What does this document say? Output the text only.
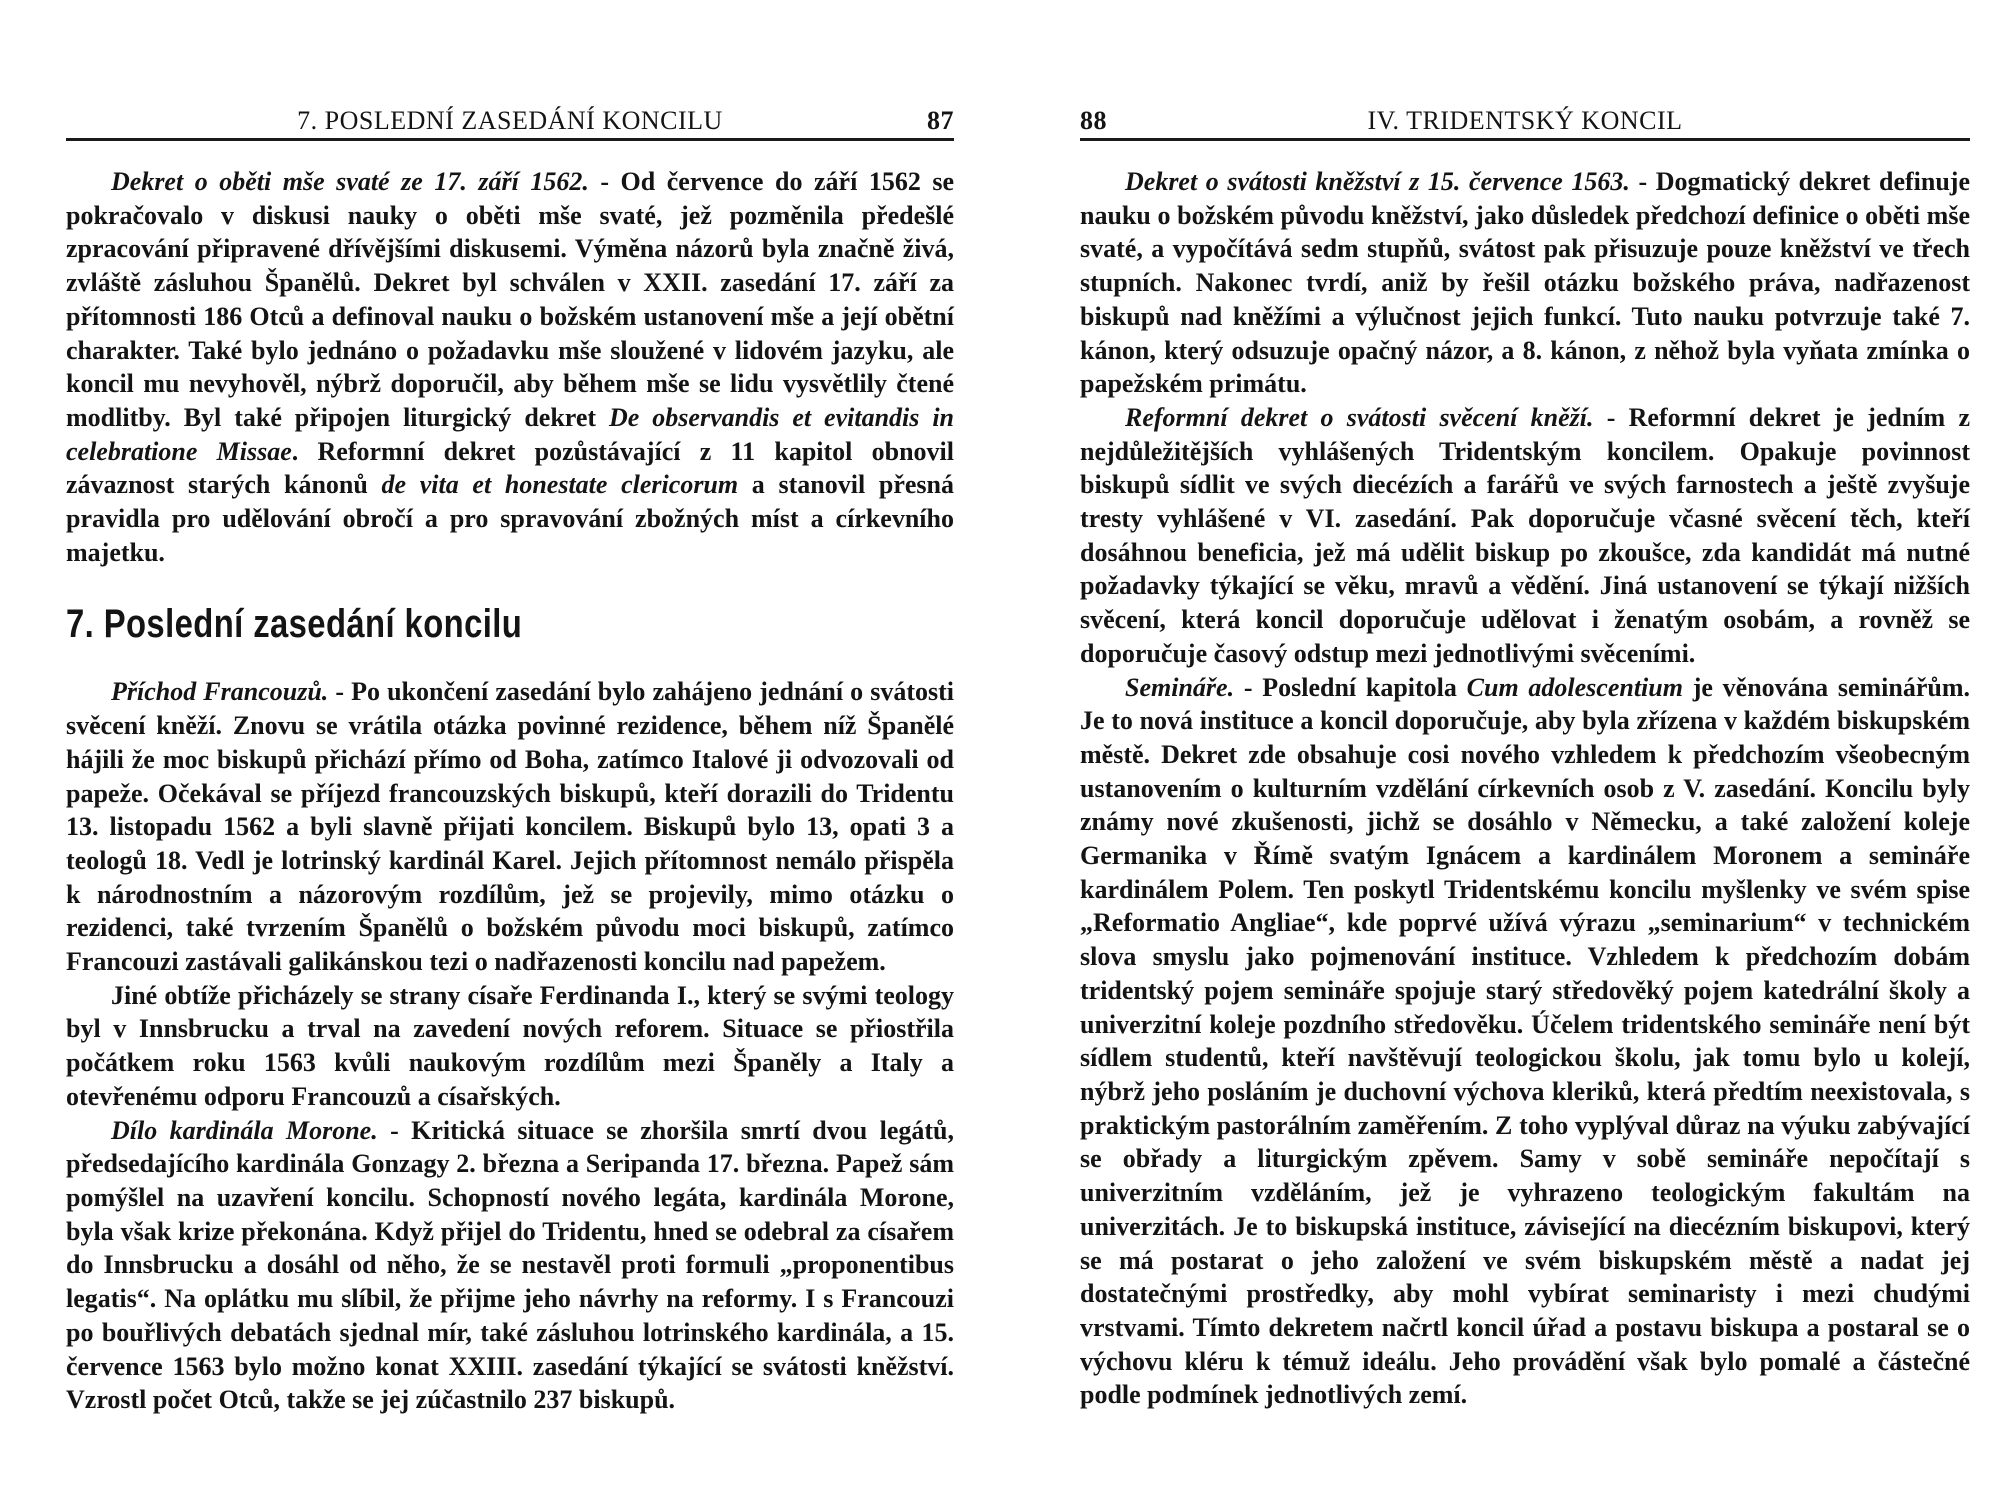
7. POSLEDNÍ ZASEDÁNÍ KONCILU	87

Dekret o oběti mše svaté ze 17. září 1562. - Od července do září 1562 se pokračovalo v diskusi nauky o oběti mše svaté, jež pozměnila předešlé zpracování připravené dřívějšími diskusemi. Výměna názorů byla značně živá, zvláště zásluhou Španělů. Dekret byl schválen v XXII. zasedání 17. září za přítomnosti 186 Otců a definoval nauku o božském ustanovení mše a její obětní charakter. Také bylo jednáno o požadavku mše sloužené v lidovém jazyku, ale koncil mu nevyhověl, nýbrž doporučil, aby během mše se lidu vysvětlily čtené modlitby. Byl také připojen liturgický dekret De observandis et evitandis in celebratione Missae. Reformní dekret pozůstávající z 11 kapitol obnovil závaznost starých kánonů de vita et honestate clericorum a stanovil přesná pravidla pro udělování obročí a pro spravování zbožných míst a církevního majetku.

7. Poslední zasedání koncilu

Příchod Francouzů. - Po ukončení zasedání bylo zahájeno jednání o svátosti svěcení kněží. Znovu se vrátila otázka povinné rezidence, během níž Španělé hájili že moc biskupů přichází přímo od Boha, zatímco Italové ji odvozovali od papeže. Očekával se příjezd francouzských biskupů, kteří dorazili do Tridentu 13. listopadu 1562 a byli slavně přijati koncilem. Biskupů bylo 13, opati 3 a teologů 18. Vedl je lotrinský kardinál Karel. Jejich přítomnost nemálo přispěla k národnostním a názorovým rozdílům, jež se projevily, mimo otázku o rezidenci, také tvrzením Španělů o božském původu moci biskupů, zatímco Francouzi zastávali galikánskou tezi o nadřazenosti koncilu nad papežem.

Jiné obtíže přicházely se strany císaře Ferdinanda I., který se svými teology byl v Innsbrucku a trval na zavedení nových reforem. Situace se přiostřila počátkem roku 1563 kvůli naukovým rozdílům mezi Španěly a Italy a otevřenému odporu Francouzů a císařských.

Dílo kardinála Morone. - Kritická situace se zhoršila smrtí dvou legátů, předsedajícího kardinála Gonzagy 2. března a Seripanda 17. března. Papež sám pomýšlel na uzavření koncilu. Schopností nového legáta, kardinála Morone, byla však krize překonána. Když přijel do Tridentu, hned se odebral za císařem do Innsbrucku a dosáhl od něho, že se nestavěl proti formuli „proponentibus legatis“. Na oplátku mu slíbil, že přijme jeho návrhy na reformy. I s Francouzi po bouřlivých debatách sjednal mír, také zásluhou lotrinského kardinála, a 15. července 1563 bylo možno konat XXIII. zasedání týkající se svátosti kněžství. Vzrostl počet Otců, takže se jej zúčastnilo 237 biskupů.

88	IV. TRIDENTSKÝ KONCIL

Dekret o svátosti kněžství z 15. července 1563. - Dogmatický dekret definuje nauku o božském původu kněžství, jako důsledek předchozí definice o oběti mše svaté, a vypočítává sedm stupňů, svátost pak přisuzuje pouze kněžství ve třech stupních. Nakonec tvrdí, aniž by řešil otázku božského práva, nadřazenost biskupů nad kněžími a výlučnost jejich funkcí. Tuto nauku potvrzuje také 7. kánon, který odsuzuje opačný názor, a 8. kánon, z něhož byla vyňata zmínka o papežském primátu.

Reformní dekret o svátosti svěcení kněží. - Reformní dekret je jedním z nejdůležitějších vyhlášených Tridentským koncilem. Opakuje povinnost biskupů sídlit ve svých diecézích a farářů ve svých farnostech a ještě zvyšuje tresty vyhlášené v VI. zasedání. Pak doporučuje včasné svěcení těch, kteří dosáhnou beneficia, jež má udělit biskup po zkoušce, zda kandidát má nutné požadavky týkající se věku, mravů a vědění. Jiná ustanovení se týkají nižších svěcení, která koncil doporučuje udělovat i ženatým osobám, a rovněž se doporučuje časový odstup mezi jednotlivými svěceními.

Semináře. - Poslední kapitola Cum adolescentium je věnována seminářům. Je to nová instituce a koncil doporučuje, aby byla zřízena v každém biskupském městě. Dekret zde obsahuje cosi nového vzhledem k předchozím všeobecným ustanovením o kulturním vzdělání církevních osob z V. zasedání. Koncilu byly známy nové zkušenosti, jichž se dosáhlo v Německu, a také založení koleje Germanika v Římě svatým Ignácem a kardinálem Moronem a semináře kardinálem Polem. Ten poskytl Tridentskému koncilu myšlenky ve svém spise „Reformatio Angliae“, kde poprvé užívá výrazu „seminarium“ v technickém slova smyslu jako pojmenování instituce. Vzhledem k předchozím dobám tridentský pojem semináře spojuje starý středověký pojem katedrální školy a univerzitní koleje pozdního středověku. Účelem tridentského semináře není být sídlem studentů, kteří navštěvují teologickou školu, jak tomu bylo u kolejí, nýbrž jeho posláním je duchovní výchova kleriků, která předtím neexistovala, s praktickým pastorálním zaměřením. Z toho vyplýval důraz na výuku zabývající se obřady a liturgickým zpěvem. Samy v sobě semináře nepočítají s univerzitním vzděláním, jež je vyhrazeno teologickým fakultám na univerzitách. Je to biskupská instituce, závisející na diecézním biskupovi, který se má postarat o jeho založení ve svém biskupském městě a nadat jej dostatečnými prostředky, aby mohl vybírat seminaristy i mezi chudými vrstvami. Tímto dekretem načrtl koncil úřad a postavu biskupa a postaral se o výchovu kléru k témuž ideálu. Jeho provádění však bylo pomalé a částečné podle podmínek jednotlivých zemí.
